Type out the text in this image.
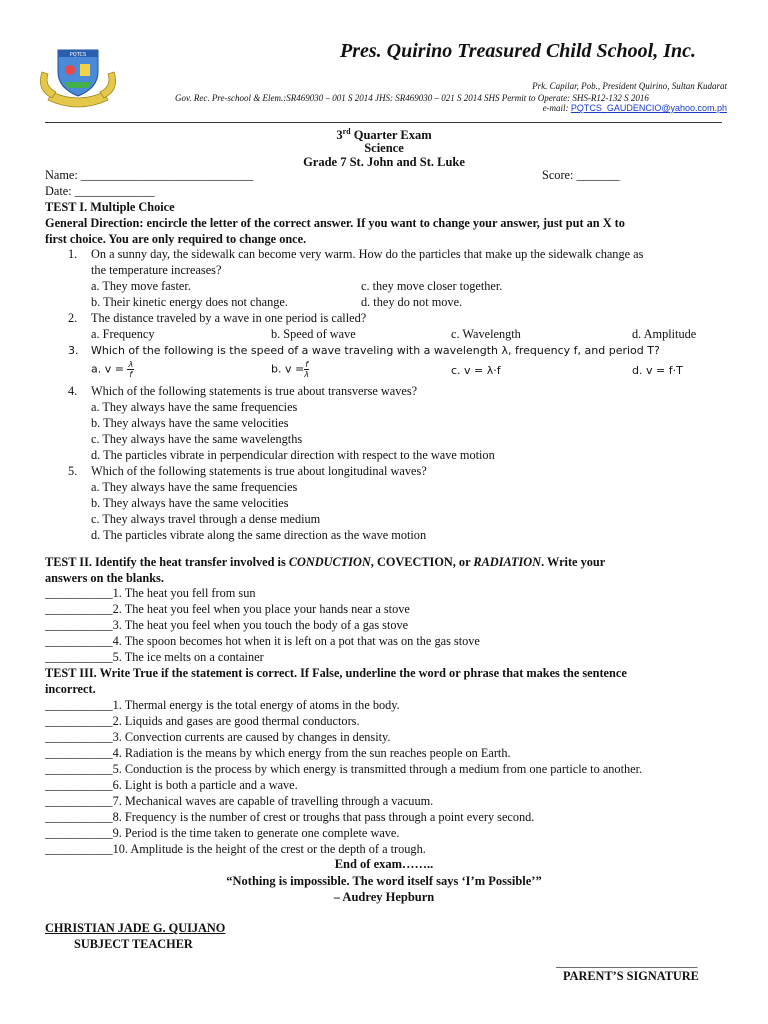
PQTCS	Pres. Quirino Treasured Child School, Inc.
Prk. Capilar, Pob., President Quirino, Sultan Kudarat
Gov. Rec. Pre-school & Elem.:SR469030 – 001 S 2014 JHS: SR469030 – 021 S 2014 SHS Permit to Operate: SHS-R12-132 S 2016
e-mail: PQTCS_GAUDENCIO@yahoo.com.ph
3rd Quarter Exam
Science
Grade 7 St. John and St. Luke
Name: ____________________________	Score: _______
Date: _____________
TEST I. Multiple Choice
General Direction: encircle the letter of the correct answer. If you want to change your answer, just put an X to
first choice. You are only required to change once.
1. On a sunny day, the sidewalk can become very warm. How do the particles that make up the sidewalk change as
the temperature increases?
a. They move faster.	c. they move closer together.
b. Their kinetic energy does not change.	d. they do not move.
2. The distance traveled by a wave in one period is called?
a. Frequency	b. Speed of wave	c. Wavelength	d. Amplitude
3. Which of the following is the speed of a wave traveling with a wavelength λ, frequency f, and period T?
a. $v = \frac{\lambda}{f}$	b. $v = \frac{f}{\lambda}$	c. v = λ·f	d. v = f·T
4. Which of the following statements is true about transverse waves?
a. They always have the same frequencies
b. They always have the same velocities
c. They always have the same wavelengths
d. The particles vibrate in perpendicular direction with respect to the wave motion
5. Which of the following statements is true about longitudinal waves?
a. They always have the same frequencies
b. They always have the same velocities
c. They always travel through a dense medium
d. The particles vibrate along the same direction as the wave motion
TEST II. Identify the heat transfer involved is CONDUCTION, COVECTION, or RADIATION. Write your
answers on the blanks.
___________1. The heat you fell from sun
___________2. The heat you feel when you place your hands near a stove
___________3. The heat you feel when you touch the body of a gas stove
___________4. The spoon becomes hot when it is left on a pot that was on the gas stove
___________5. The ice melts on a container
TEST III. Write True if the statement is correct. If False, underline the word or phrase that makes the sentence
incorrect.
___________1. Thermal energy is the total energy of atoms in the body.
___________2. Liquids and gases are good thermal conductors.
___________3. Convection currents are caused by changes in density.
___________4. Radiation is the means by which energy from the sun reaches people on Earth.
___________5. Conduction is the process by which energy is transmitted through a medium from one particle to another.
___________6. Light is both a particle and a wave.
___________7. Mechanical waves are capable of travelling through a vacuum.
___________8. Frequency is the number of crest or troughs that pass through a point every second.
___________9. Period is the time taken to generate one complete wave.
___________10. Amplitude is the height of the crest or the depth of a trough.
End of exam……..
“Nothing is impossible. The word itself says ‘I’m Possible’”
– Audrey Hepburn
CHRISTIAN JADE G. QUIJANO
SUBJECT TEACHER
_______________________
PARENT’S SIGNATURE
